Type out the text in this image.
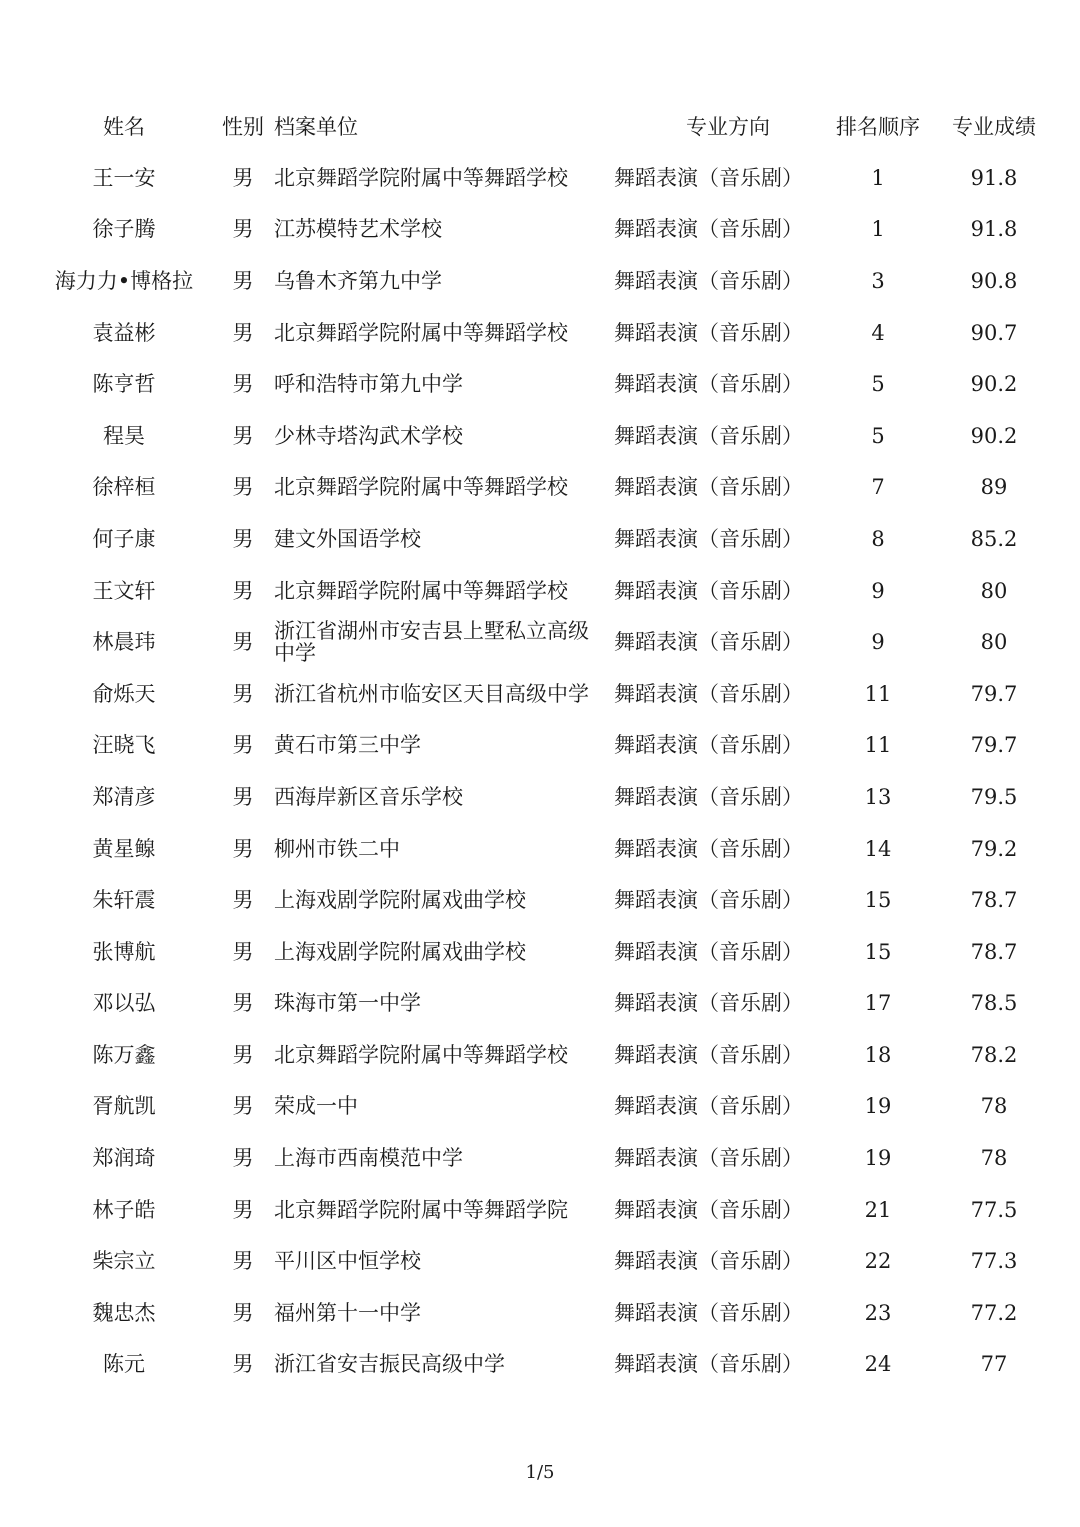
姓名	性别	档案单位	专业方向	排名顺序	专业成绩
王一安	男	北京舞蹈学院附属中等舞蹈学校	舞蹈表演（音乐剧）	1	91.8
徐子腾	男	江苏模特艺术学校	舞蹈表演（音乐剧）	1	91.8
海力力•博格拉	男	乌鲁木齐第九中学	舞蹈表演（音乐剧）	3	90.8
袁益彬	男	北京舞蹈学院附属中等舞蹈学校	舞蹈表演（音乐剧）	4	90.7
陈亨哲	男	呼和浩特市第九中学	舞蹈表演（音乐剧）	5	90.2
程昊	男	少林寺塔沟武术学校	舞蹈表演（音乐剧）	5	90.2
徐梓桓	男	北京舞蹈学院附属中等舞蹈学校	舞蹈表演（音乐剧）	7	89
何子康	男	建文外国语学校	舞蹈表演（音乐剧）	8	85.2
王文轩	男	北京舞蹈学院附属中等舞蹈学校	舞蹈表演（音乐剧）	9	80
林晨玮	男	浙江省湖州市安吉县上墅私立高级中学	舞蹈表演（音乐剧）	9	80
俞烁天	男	浙江省杭州市临安区天目高级中学	舞蹈表演（音乐剧）	11	79.7
汪晓飞	男	黄石市第三中学	舞蹈表演（音乐剧）	11	79.7
郑清彦	男	西海岸新区音乐学校	舞蹈表演（音乐剧）	13	79.5
黄星鳈	男	柳州市铁二中	舞蹈表演（音乐剧）	14	79.2
朱轩震	男	上海戏剧学院附属戏曲学校	舞蹈表演（音乐剧）	15	78.7
张博航	男	上海戏剧学院附属戏曲学校	舞蹈表演（音乐剧）	15	78.7
邓以弘	男	珠海市第一中学	舞蹈表演（音乐剧）	17	78.5
陈万鑫	男	北京舞蹈学院附属中等舞蹈学校	舞蹈表演（音乐剧）	18	78.2
胥航凯	男	荣成一中	舞蹈表演（音乐剧）	19	78
郑润琦	男	上海市西南模范中学	舞蹈表演（音乐剧）	19	78
林子皓	男	北京舞蹈学院附属中等舞蹈学院	舞蹈表演（音乐剧）	21	77.5
柴宗立	男	平川区中恒学校	舞蹈表演（音乐剧）	22	77.3
魏忠杰	男	福州第十一中学	舞蹈表演（音乐剧）	23	77.2
陈元	男	浙江省安吉振民高级中学	舞蹈表演（音乐剧）	24	77
1/5
